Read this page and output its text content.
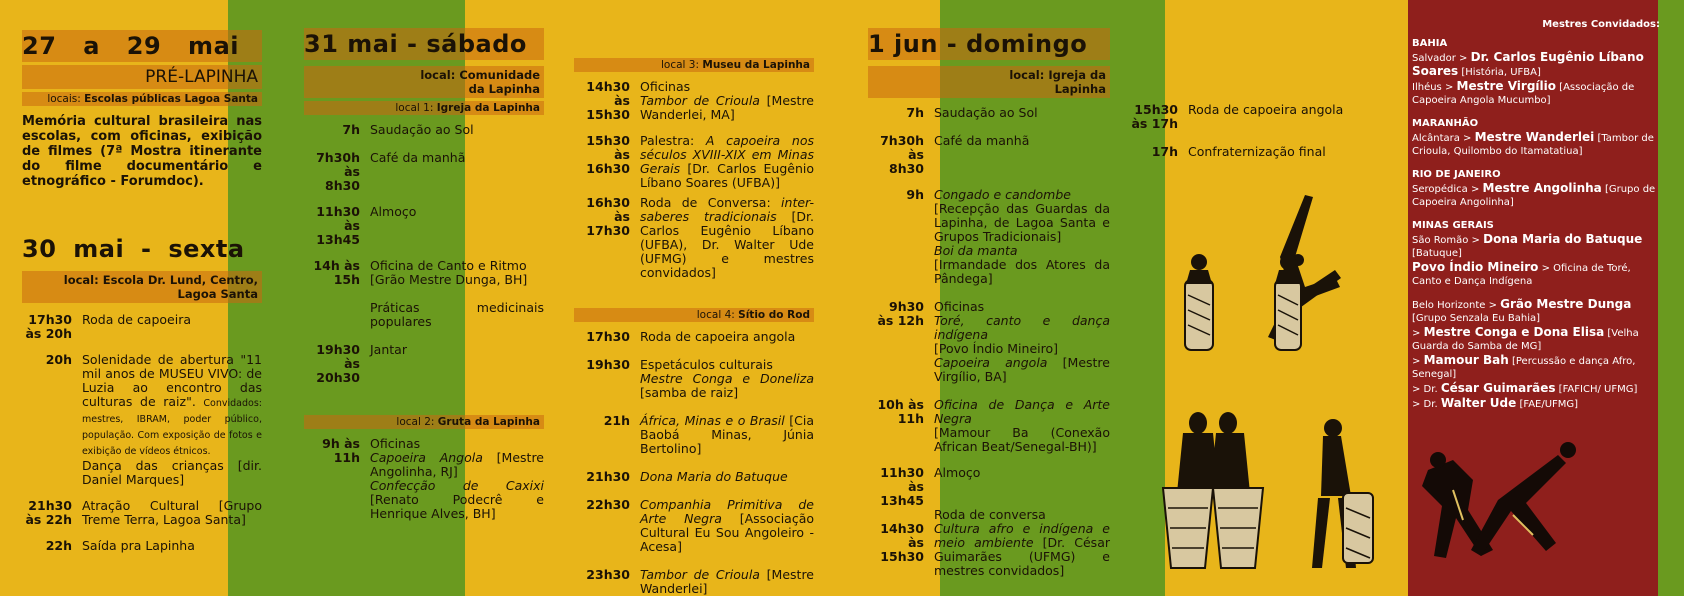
27 a 29 mai
PRÉ-LAPINHA
locais: Escolas públicas Lagoa Santa
Memória cultural brasileira nas escolas, com oficinas, exibição de filmes (7ª Mostra itinerante do filme documentário e etnográfico - Forumdoc).
30 mai - sexta
local: Escola Dr. Lund, Centro, Lagoa Santa
17h30
às 20h
Roda de capoeira
20h Solenidade de abertura "11 mil anos de MUSEU VIVO: de Luzia ao encontro das culturas de raiz". Convidados: mestres, IBRAM, poder público, população. Com exposição de fotos e exibição de vídeos étnicos.
Dança das crianças [dir. Daniel Marques]
21h30
às 22h
Atração Cultural [Grupo Treme Terra, Lagoa Santa]
22h Saída pra Lapinha
31 mai - sábado
local: Comunidade da Lapinha
local 1: Igreja da Lapinha
7h Saudação ao Sol
7h30h
às
8h30
Café da manhã
11h30
às
13h45
Almoço
14h às
15h
Oficina de Canto e Ritmo
[Grão Mestre Dunga, BH]
Práticas medicinais populares
19h30
às
20h30
Jantar
local 2: Gruta da Lapinha
9h às
11h
Oficinas
Capoeira Angola [Mestre Angolinha, RJ]
Confecção de Caxixi [Renato Podecrê e Henrique Alves, BH]
local 3: Museu da Lapinha
14h30
às
15h30
Oficinas
Tambor de Crioula [Mestre Wanderlei, MA]
15h30
às
16h30
Palestra: A capoeira nos séculos XVIII-XIX em Minas Gerais [Dr. Carlos Eugênio Líbano Soares (UFBA)]
16h30
às
17h30
Roda de Conversa: inter-saberes tradicionais [Dr. Carlos Eugênio Líbano (UFBA), Dr. Walter Ude (UFMG) e mestres convidados]
local 4: Sítio do Rod
17h30 Roda de capoeira angola
19h30 Espetáculos culturais
Mestre Conga e Doneliza [samba de raiz]
21h África, Minas e o Brasil [Cia Baobá Minas, Júnia Bertolino]
21h30 Dona Maria do Batuque
22h30 Companhia Primitiva de Arte Negra [Associação Cultural Eu Sou Angoleiro - Acesa]
23h30 Tambor de Crioula [Mestre Wanderlei]
1 jun - domingo
local: Igreja da Lapinha
7h Saudação ao Sol
7h30h
às
8h30
Café da manhã
9h Congado e candombe
[Recepção das Guardas da Lapinha, de Lagoa Santa e Grupos Tradicionais]
Boi da manta
[Irmandade dos Atores da Pândega]
9h30
às 12h
Oficinas
Toré, canto e dança indígena
[Povo Índio Mineiro]
Capoeira angola [Mestre Virgílio, BA]
10h às
11h
Oficina de Dança e Arte Negra
[Mamour Ba (Conexão African Beat/Senegal-BH)]
11h30
às
13h45
Almoço

14h30
às
15h30
Roda de conversa
Cultura afro e indígena e meio ambiente [Dr. César Guimarães (UFMG) e mestres convidados]
15h30
às 17h
Roda de capoeira angola
17h Confraternização final
Mestres Convidados:
BAHIA
Salvador > Dr. Carlos Eugênio Líbano Soares [História, UFBA]
Ilhéus > Mestre Virgílio [Associação de Capoeira Angola Mucumbo]
MARANHÃO
Alcântara > Mestre Wanderlei [Tambor de Crioula, Quilombo do Itamatatiua]
RIO DE JANEIRO
Seropédica > Mestre Angolinha [Grupo de Capoeira Angolinha]
MINAS GERAIS
São Romão > Dona Maria do Batuque [Batuque]
Povo Índio Mineiro > Oficina de Toré, Canto e Dança Indígena
Belo Horizonte > Grão Mestre Dunga [Grupo Senzala Eu Bahia]
> Mestre Conga e Dona Elisa [Velha Guarda do Samba de MG]
> Mamour Bah [Percussão e dança Afro, Senegal]
> Dr. César Guimarães [FAFICH/ UFMG]
> Dr. Walter Ude [FAE/UFMG]
